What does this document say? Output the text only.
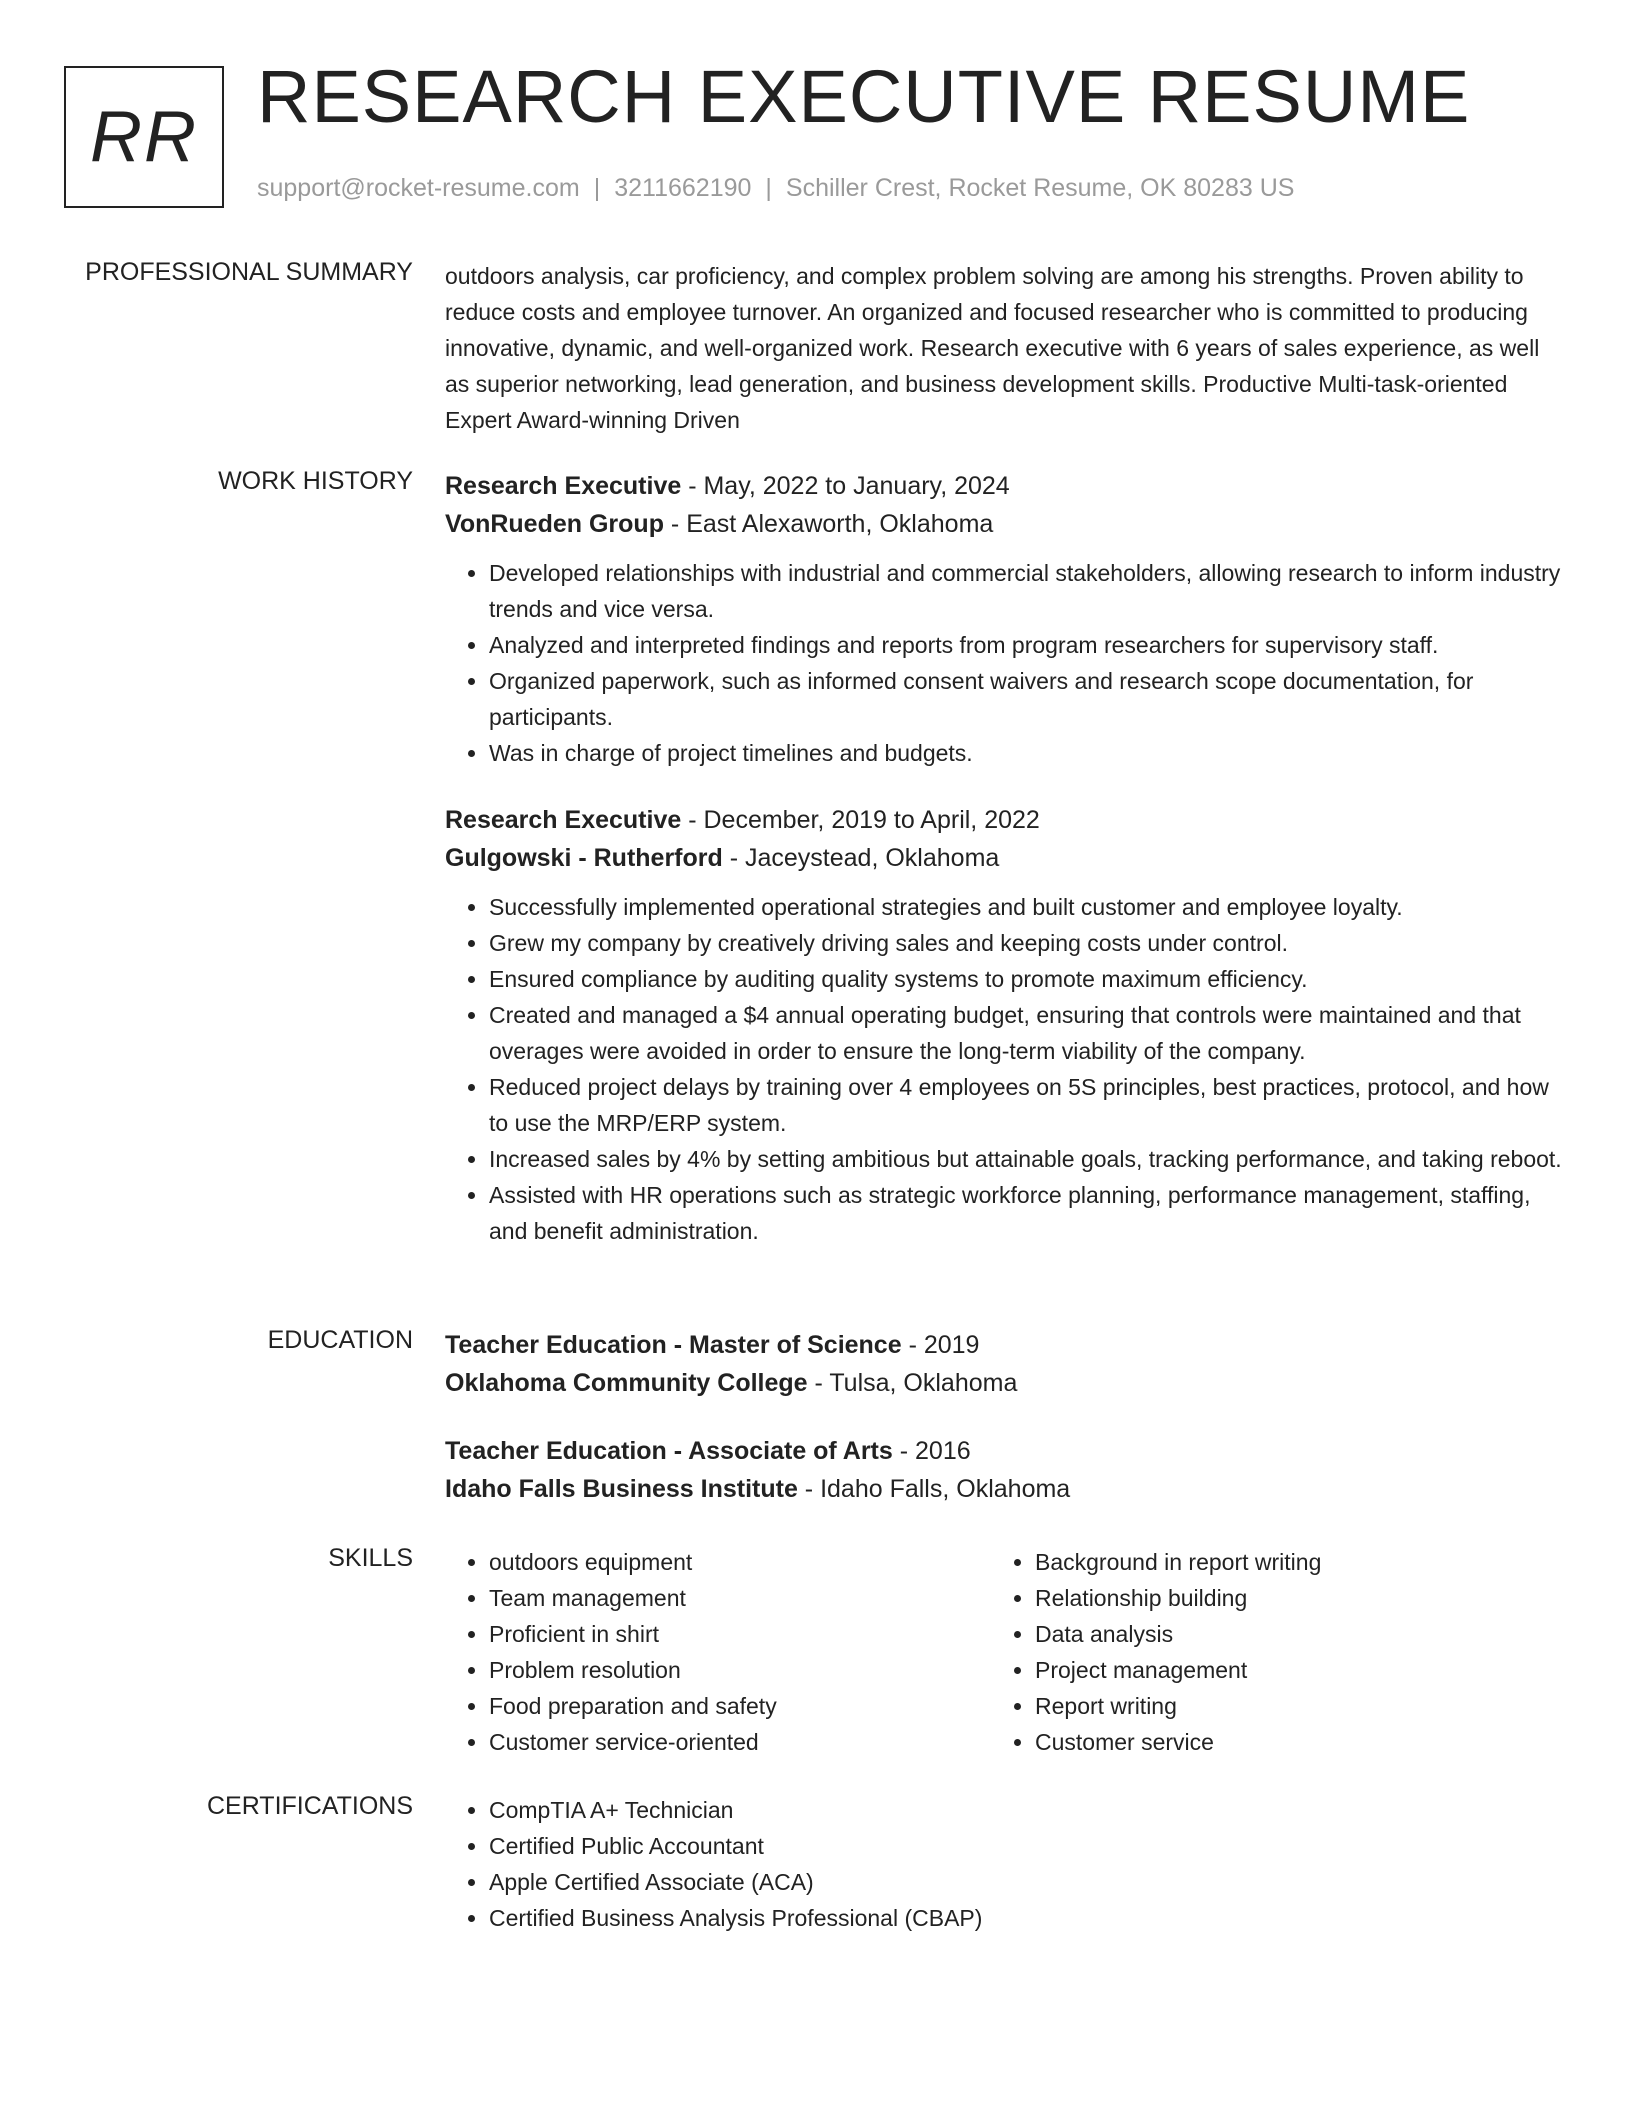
RR RESEARCH EXECUTIVE RESUME
support@rocket-resume.com | 3211662190 | Schiller Crest, Rocket Resume, OK 80283 US
PROFESSIONAL SUMMARY outdoors analysis, car proficiency, and complex problem solving are among his strengths. Proven ability to reduce costs and employee turnover. An organized and focused researcher who is committed to producing innovative, dynamic, and well-organized work. Research executive with 6 years of sales experience, as well as superior networking, lead generation, and business development skills. Productive Multi-task-oriented Expert Award-winning Driven

WORK HISTORY Research Executive - May, 2022 to January, 2024
VonRueden Group - East Alexaworth, Oklahoma
• Developed relationships with industrial and commercial stakeholders, allowing research to inform industry trends and vice versa.
• Analyzed and interpreted findings and reports from program researchers for supervisory staff.
• Organized paperwork, such as informed consent waivers and research scope documentation, for participants.
• Was in charge of project timelines and budgets.
Research Executive - December, 2019 to April, 2022
Gulgowski - Rutherford - Jaceystead, Oklahoma
• Successfully implemented operational strategies and built customer and employee loyalty.
• Grew my company by creatively driving sales and keeping costs under control.
• Ensured compliance by auditing quality systems to promote maximum efficiency.
• Created and managed a $4 annual operating budget, ensuring that controls were maintained and that overages were avoided in order to ensure the long-term viability of the company.
• Reduced project delays by training over 4 employees on 5S principles, best practices, protocol, and how to use the MRP/ERP system.
• Increased sales by 4% by setting ambitious but attainable goals, tracking performance, and taking reboot.
• Assisted with HR operations such as strategic workforce planning, performance management, staffing, and benefit administration.
EDUCATION Teacher Education - Master of Science - 2019
Oklahoma Community College - Tulsa, Oklahoma
Teacher Education - Associate of Arts - 2016
Idaho Falls Business Institute - Idaho Falls, Oklahoma
SKILLS	• outdoors equipment
• Team management
• Proficient in shirt
• Problem resolution
• Food preparation and safety
• Customer service-oriented
• Background in report writing
• Relationship building
• Data analysis
• Project management
• Report writing
• Customer service
CERTIFICATIONS	• CompTIA A+ Technician
• Certified Public Accountant
• Apple Certified Associate (ACA)
• Certified Business Analysis Professional (CBAP)
